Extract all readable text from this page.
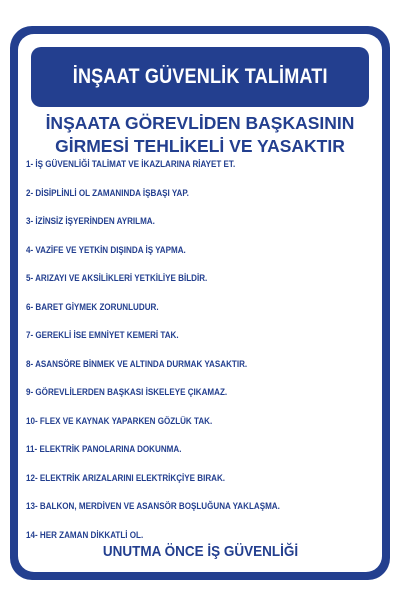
İNŞAAT GÜVENLİK TALİMATI
İNŞAATA GÖREVLİDEN BAŞKASININ
GİRMESİ TEHLİKELİ VE YASAKTIR
1- İŞ GÜVENLİĞİ TALİMAT VE İKAZLARINA RİAYET ET.
2- DİSİPLİNLİ OL ZAMANINDA İŞBAŞI YAP.
3- İZİNSİZ İŞYERİNDEN AYRILMA.
4- VAZİFE VE YETKİN DIŞINDA İŞ YAPMA.
5- ARIZAYI VE AKSİLİKLERİ YETKİLİYE BİLDİR.
6- BARET GİYMEK ZORUNLUDUR.
7- GEREKLİ İSE EMNİYET KEMERİ TAK.
8- ASANSÖRE BİNMEK VE ALTINDA DURMAK YASAKTIR.
9- GÖREVLİLERDEN BAŞKASI İSKELEYE ÇIKAMAZ.
10- FLEX VE KAYNAK YAPARKEN GÖZLÜK TAK.
11- ELEKTRİK PANOLARINA DOKUNMA.
12- ELEKTRİK ARIZALARINI ELEKTRİKÇİYE BIRAK.
13- BALKON, MERDİVEN VE ASANSÖR BOŞLUĞUNA YAKLAŞMA.
14- HER ZAMAN DİKKATLİ OL.
UNUTMA ÖNCE İŞ GÜVENLİĞİ
